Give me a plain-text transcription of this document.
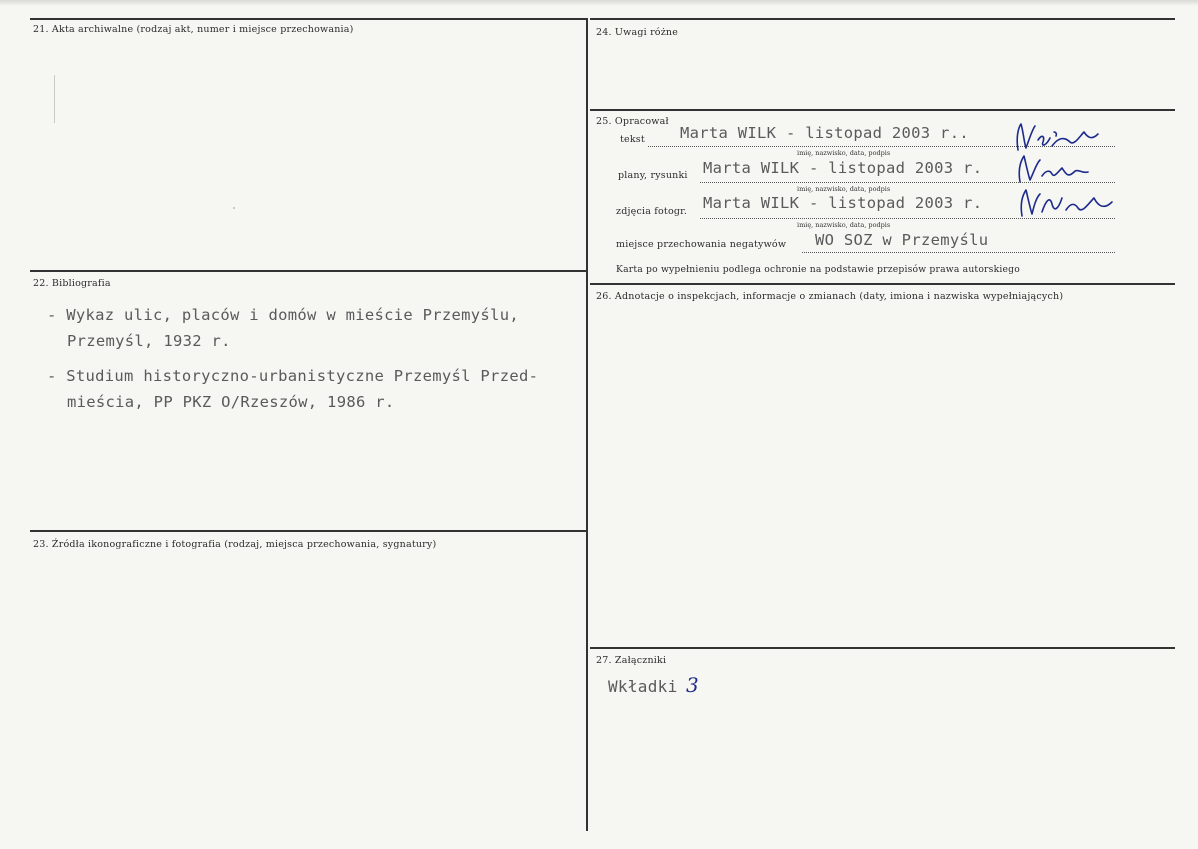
21. Akta archiwalne (rodzaj akt, numer i miejsce przechowania)
22. Bibliografia
- Wykaz ulic, placów i domów w mieście Przemyślu,
Przemyśl, 1932 r.
- Studium historyczno-urbanistyczne Przemyśl Przed-
mieścia, PP PKZ O/Rzeszów, 1986 r.
23. Źródła ikonograficzne i fotografia (rodzaj, miejsca przechowania, sygnatury)
24. Uwagi różne
25. Opracował
tekst Marta WILK - listopad 2003 r..
imię, nazwisko, data, podpis
plany, rysunki Marta WILK - listopad 2003 r.
imię, nazwisko, data, podpis
zdjęcia fotogr. Marta WILK - listopad 2003 r.
imię, nazwisko, data, podpis
miejsce przechowania negatywów WO SOZ w Przemyślu
Karta po wypełnieniu podlega ochronie na podstawie przepisów prawa autorskiego
26. Adnotacje o inspekcjach, informacje o zmianach (daty, imiona i nazwiska wypełniających)
27. Załączniki
Wkładki 3
